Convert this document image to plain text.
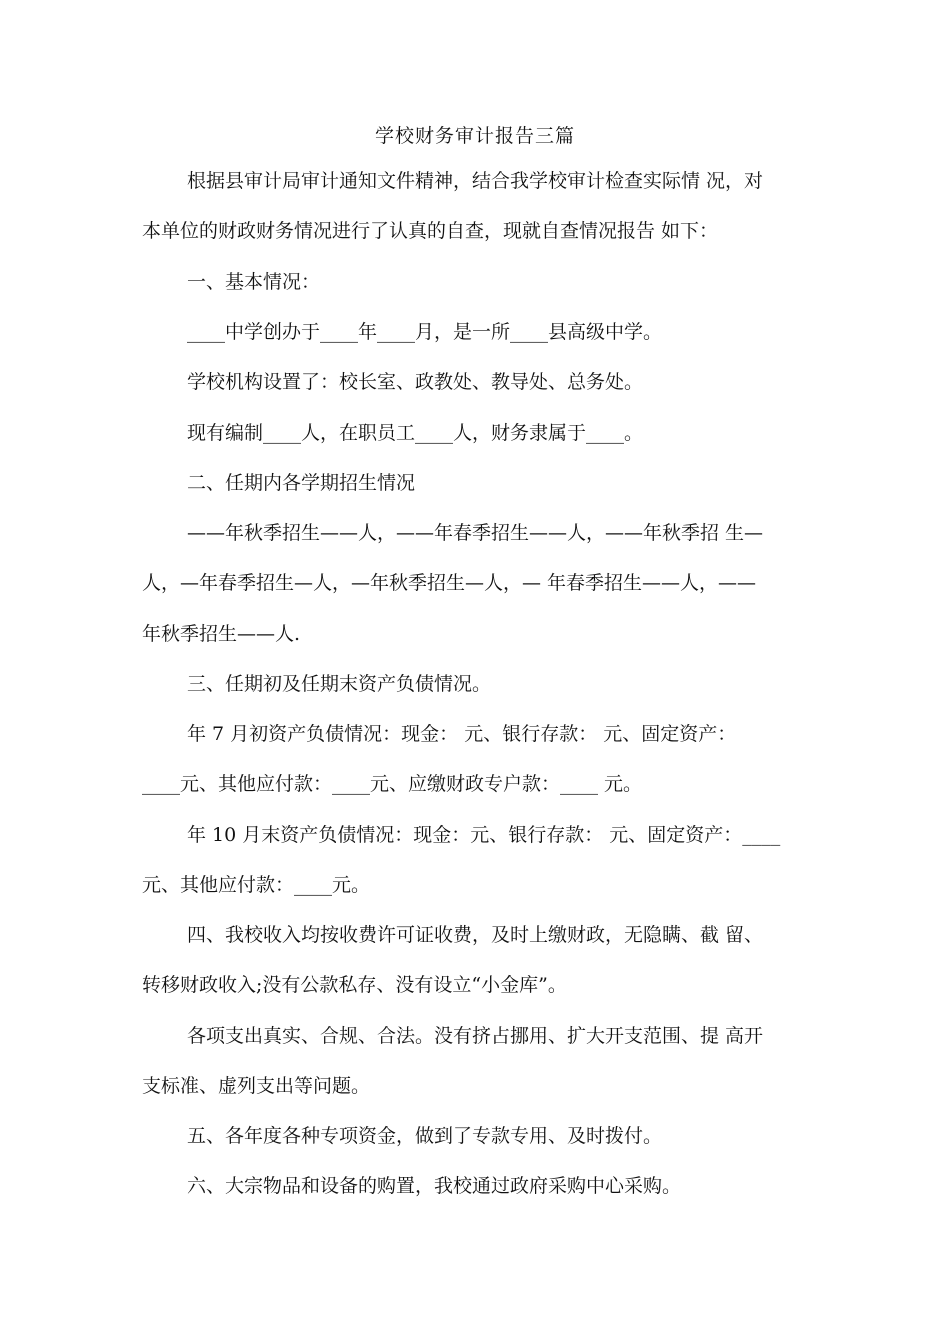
学校财务审计报告三篇
根据县审计局审计通知文件精神，结合我学校审计检查实际情 况，对
本单位的财政财务情况进行了认真的自查，现就自查情况报告 如下：
一、基本情况：
____中学创办于____年____月，是一所____县高级中学。
学校机构设置了：校长室、政教处、教导处、总务处。
现有编制____人，在职员工____人，财务隶属于____。
二、任期内各学期招生情况
——年秋季招生——人，——年春季招生——人，——年秋季招 生—
人，—年春季招生—人，—年秋季招生—人，— 年春季招生——人，——
年秋季招生——人.
三、任期初及任期末资产负债情况。
年 7 月初资产负债情况：现金： 元、银行存款： 元、固定资产：
____元、其他应付款：____元、应缴财政专户款：____ 元。
年 10 月末资产负债情况：现金：元、银行存款： 元、固定资产：____
元、其他应付款：____元。
四、我校收入均按收费许可证收费，及时上缴财政，无隐瞒、截 留、
转移财政收入;没有公款私存、没有设立“小金库”。
各项支出真实、合规、合法。没有挤占挪用、扩大开支范围、提 高开
支标准、虚列支出等问题。
五、各年度各种专项资金，做到了专款专用、及时拨付。
六、大宗物品和设备的购置，我校通过政府采购中心采购。
